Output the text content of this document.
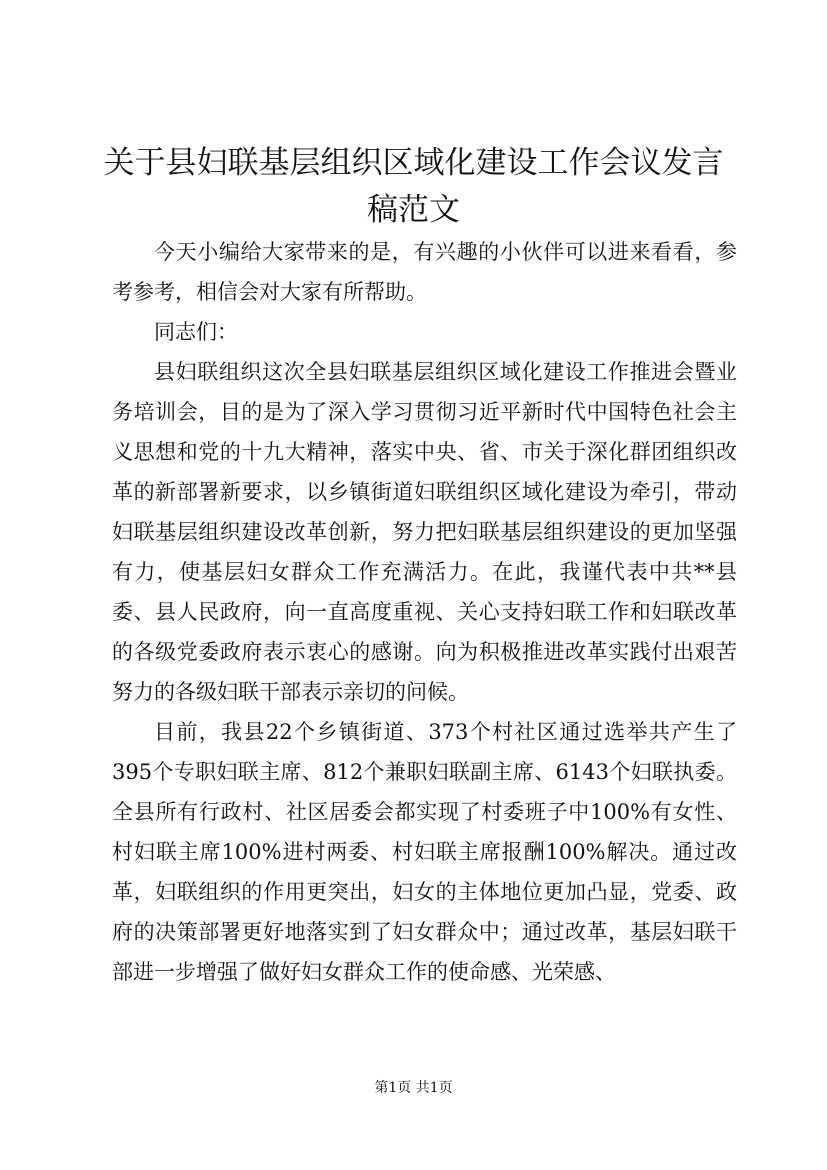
关于县妇联基层组织区域化建设工作会议发言稿范文

今天小编给大家带来的是，有兴趣的小伙伴可以进来看看，参考参考，相信会对大家有所帮助。

同志们：

县妇联组织这次全县妇联基层组织区域化建设工作推进会暨业务培训会，目的是为了深入学习贯彻习近平新时代中国特色社会主义思想和党的十九大精神，落实中央、省、市关于深化群团组织改革的新部署新要求，以乡镇街道妇联组织区域化建设为牵引，带动妇联基层组织建设改革创新，努力把妇联基层组织建设的更加坚强有力，使基层妇女群众工作充满活力。在此，我谨代表中共**县委、县人民政府，向一直高度重视、关心支持妇联工作和妇联改革的各级党委政府表示衷心的感谢。向为积极推进改革实践付出艰苦努力的各级妇联干部表示亲切的问候。

目前，我县22个乡镇街道、373个村社区通过选举共产生了395个专职妇联主席、812个兼职妇联副主席、6143个妇联执委。全县所有行政村、社区居委会都实现了村委班子中100%有女性、村妇联主席100%进村两委、村妇联主席报酬100%解决。通过改革，妇联组织的作用更突出，妇女的主体地位更加凸显，党委、政府的决策部署更好地落实到了妇女群众中；通过改革，基层妇联干部进一步增强了做好妇女群众工作的使命感、光荣感、

第1页 共1页
